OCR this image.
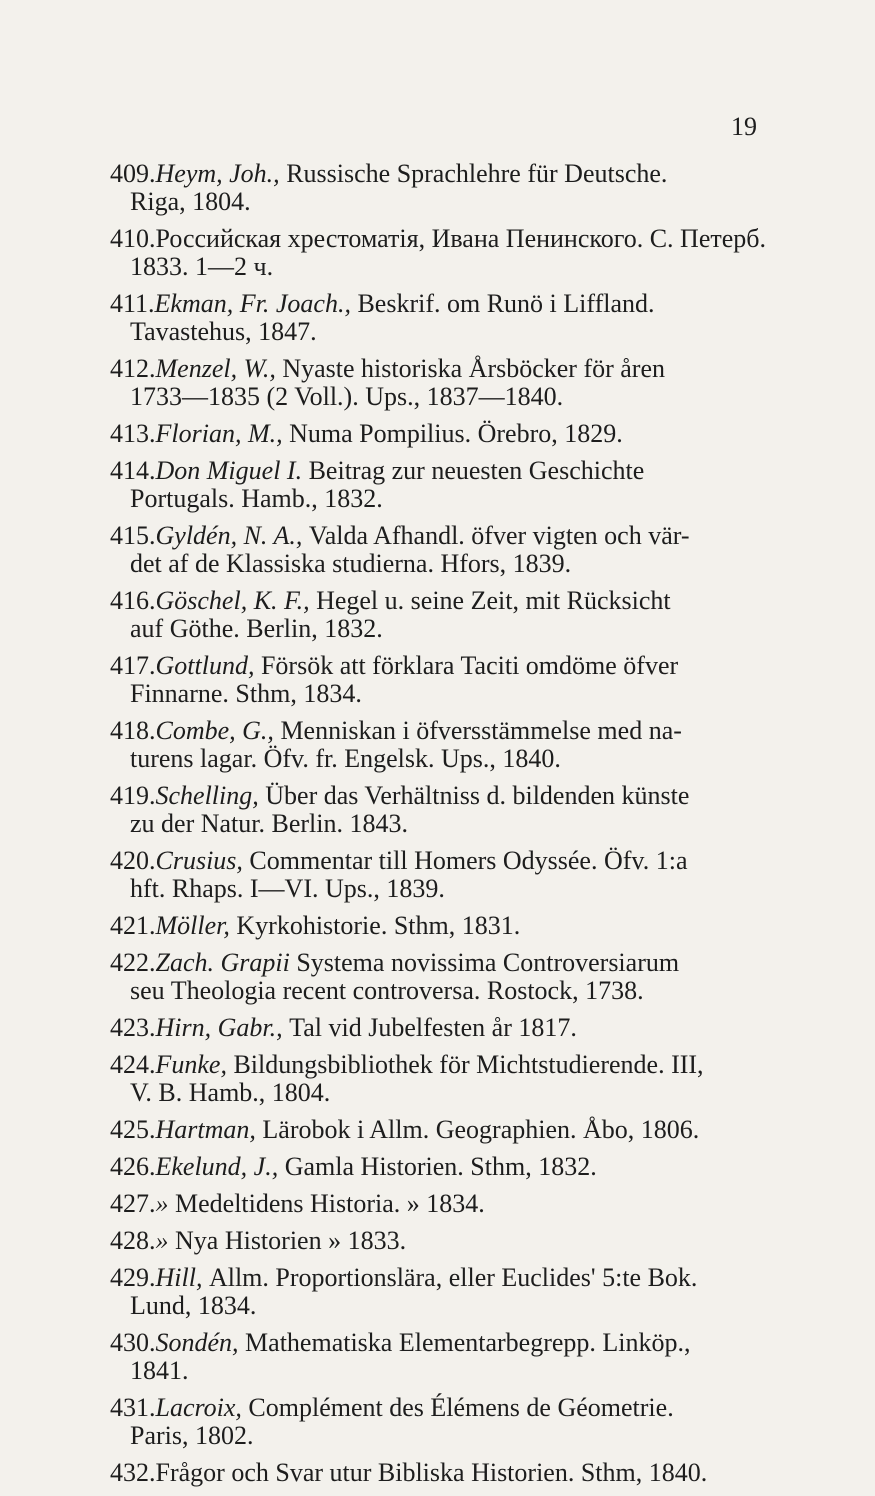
19
409.Heym, Joh., Russische Sprachlehre für Deutsche.
Riga, 1804.
410.Российская хрестоматія, Ивана Пенинского. С. Петерб.
1833. 1—2 ч.
411.Ekman, Fr. Joach., Beskrif. om Runö i Liffland.
Tavastehus, 1847.
412.Menzel, W., Nyaste historiska Årsböcker för åren
1733—1835 (2 Voll.). Ups., 1837—1840.
413.Florian, M., Numa Pompilius. Örebro, 1829.
414.Don Miguel I. Beitrag zur neuesten Geschichte
Portugals. Hamb., 1832.
415.Gyldén, N. A., Valda Afhandl. öfver vigten och vär-
det af de Klassiska studierna. Hfors, 1839.
416.Göschel, K. F., Hegel u. seine Zeit, mit Rücksicht
auf Göthe. Berlin, 1832.
417.Gottlund, Försök att förklara Taciti omdöme öfver
Finnarne. Sthm, 1834.
418.Combe, G., Menniskan i öfversstämmelse med na-
turens lagar. Öfv. fr. Engelsk. Ups., 1840.
419.Schelling, Über das Verhältniss d. bildenden künste
zu der Natur. Berlin. 1843.
420.Crusius, Commentar till Homers Odyssée. Öfv. 1:a
hft. Rhaps. I—VI. Ups., 1839.
421.Möller, Kyrkohistorie. Sthm, 1831.
422.Zach. Grapii Systema novissima Controversiarum
seu Theologia recent controversa. Rostock, 1738.
423.Hirn, Gabr., Tal vid Jubelfesten år 1817.
424.Funke, Bildungsbibliothek för Michtstudierende. III,
V. B. Hamb., 1804.
425.Hartman, Lärobok i Allm. Geographien. Åbo, 1806.
426.Ekelund, J., Gamla Historien. Sthm, 1832.
427.» Medeltidens Historia. » 1834.
428.» Nya Historien » 1833.
429.Hill, Allm. Proportionslära, eller Euclides' 5:te Bok.
Lund, 1834.
430.Sondén, Mathematiska Elementarbegrepp. Linköp.,
1841.
431.Lacroix, Complément des Élémens de Géometrie.
Paris, 1802.
432.Frågor och Svar utur Bibliska Historien. Sthm, 1840.
